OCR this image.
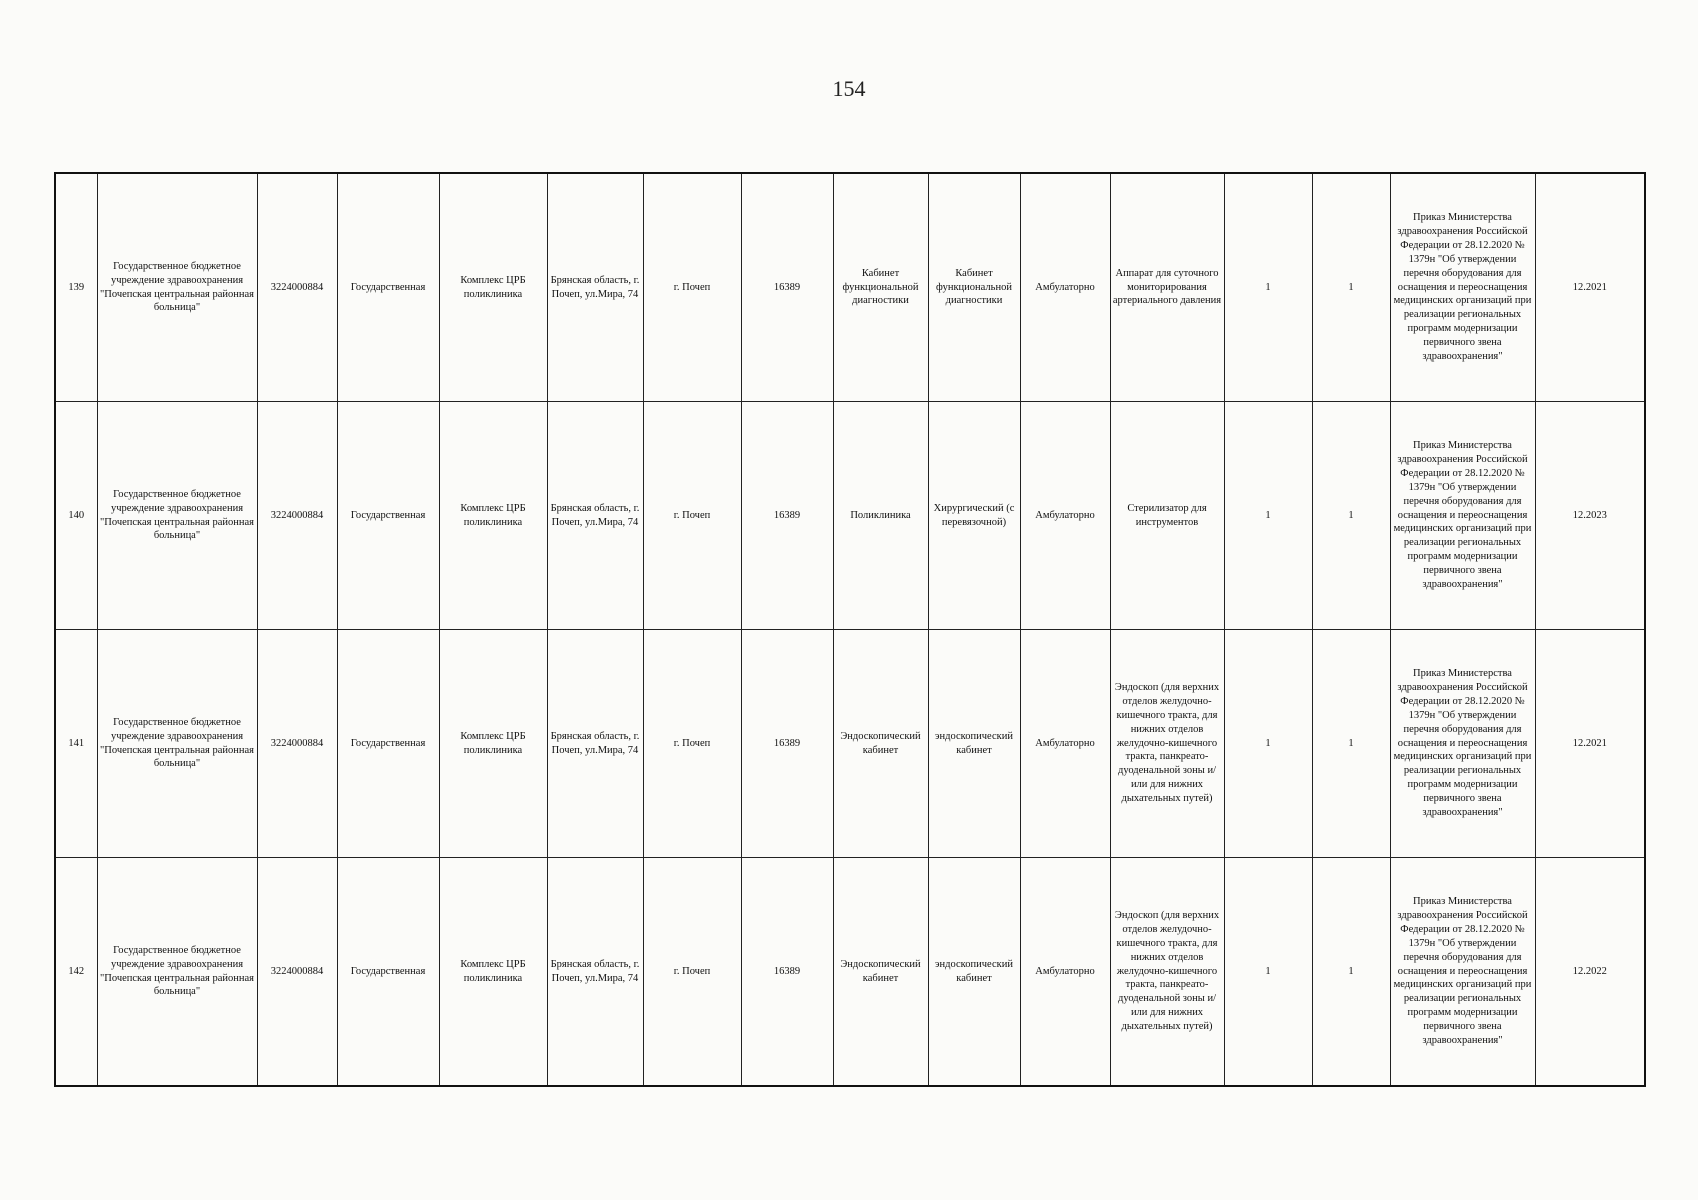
154
139	Государственное бюджетное учреждение здравоохранения "Почепская центральная районная больница"	3224000884	Государственная	Комплекс ЦРБ поликлиника	Брянская область, г. Почеп, ул.Мира, 74	г. Почеп	16389	Кабинет функциональной диагностики	Кабинет функциональной диагностики	Амбулаторно	Аппарат для суточного мониторирования артериального давления	1	1	Приказ Министерства здравоохранения Российской Федерации от 28.12.2020 № 1379н "Об утверждении перечня оборудования для оснащения и переоснащения медицинских организаций при реализации региональных программ модернизации первичного звена здравоохранения"	12.2021
140	Государственное бюджетное учреждение здравоохранения "Почепская центральная районная больница"	3224000884	Государственная	Комплекс ЦРБ поликлиника	Брянская область, г. Почеп, ул.Мира, 74	г. Почеп	16389	Поликлиника	Хирургический (с перевязочной)	Амбулаторно	Стерилизатор для инструментов	1	1	Приказ Министерства здравоохранения Российской Федерации от 28.12.2020 № 1379н "Об утверждении перечня оборудования для оснащения и переоснащения медицинских организаций при реализации региональных программ модернизации первичного звена здравоохранения"	12.2023
141	Государственное бюджетное учреждение здравоохранения "Почепская центральная районная больница"	3224000884	Государственная	Комплекс ЦРБ поликлиника	Брянская область, г. Почеп, ул.Мира, 74	г. Почеп	16389	Эндоскопический кабинет	эндоскопический кабинет	Амбулаторно	Эндоскоп (для верхних отделов желудочно-кишечного тракта, для нижних отделов желудочно-кишечного тракта, панкреато-дуоденальной зоны и/или для нижних дыхательных путей)	1	1	Приказ Министерства здравоохранения Российской Федерации от 28.12.2020 № 1379н "Об утверждении перечня оборудования для оснащения и переоснащения медицинских организаций при реализации региональных программ модернизации первичного звена здравоохранения"	12.2021
142	Государственное бюджетное учреждение здравоохранения "Почепская центральная районная больница"	3224000884	Государственная	Комплекс ЦРБ поликлиника	Брянская область, г. Почеп, ул.Мира, 74	г. Почеп	16389	Эндоскопический кабинет	эндоскопический кабинет	Амбулаторно	Эндоскоп (для верхних отделов желудочно-кишечного тракта, для нижних отделов желудочно-кишечного тракта, панкреато-дуоденальной зоны и/или для нижних дыхательных путей)	1	1	Приказ Министерства здравоохранения Российской Федерации от 28.12.2020 № 1379н "Об утверждении перечня оборудования для оснащения и переоснащения медицинских организаций при реализации региональных программ модернизации первичного звена здравоохранения"	12.2022
